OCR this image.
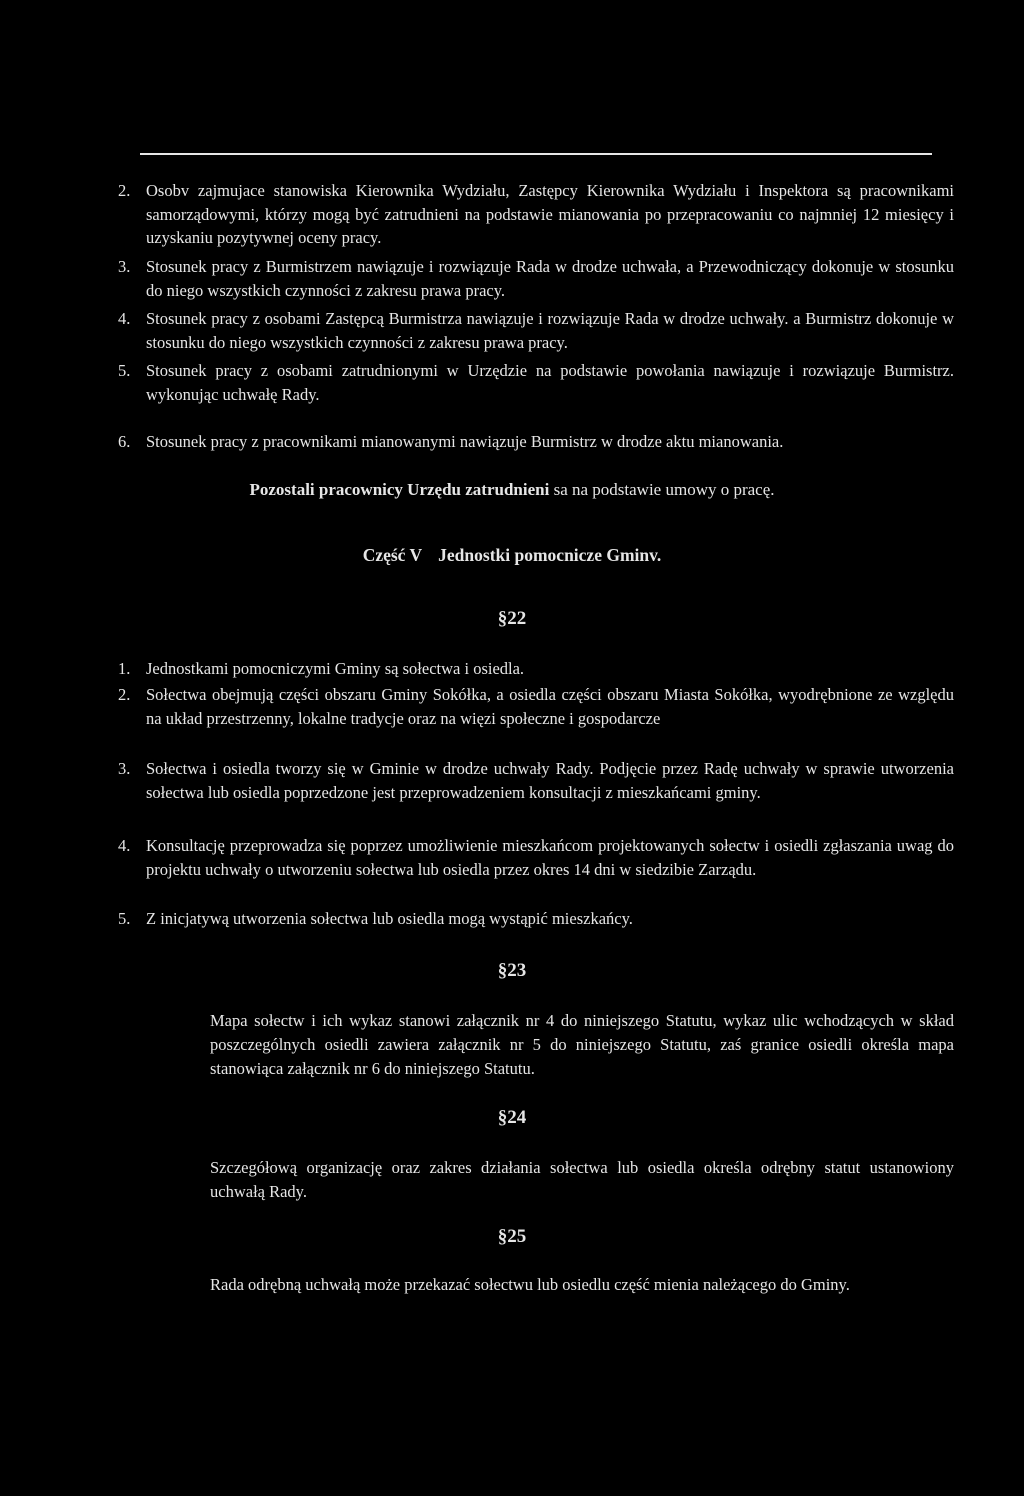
2. Osobv zajmujace stanowiska Kierownika Wydziału, Zastępcy Kierownika Wydziału i Inspektora są pracownikami samorządowymi, którzy mogą być zatrudnieni na podstawie mianowania po przepracowaniu co najmniej 12 miesięcy i uzyskaniu pozytywnej oceny pracy.
3. Stosunek pracy z Burmistrzem nawiązuje i rozwiązuje Rada w drodze uchwała, a Przewodniczący dokonuje w stosunku do niego wszystkich czynności z zakresu prawa pracy.
4. Stosunek pracy z osobami Zastępcą Burmistrza nawiązuje i rozwiązuje Rada w drodze uchwały. a Burmistrz dokonuje w stosunku do niego wszystkich czynności z zakresu prawa pracy.
5. Stosunek pracy z osobami zatrudnionymi w Urzędzie na podstawie powołania nawiązuje i rozwiązuje Burmistrz. wykonując uchwałę Rady.
6. Stosunek pracy z pracownikami mianowanymi nawiązuje Burmistrz w drodze aktu mianowania.
Pozostali pracownicy Urzędu zatrudnieni sa na podstawie umowy o pracę.
Część V Jednostki pomocnicze Gminv.
§22
1. Jednostkami pomocniczymi Gminy są sołectwa i osiedla.
2. Sołectwa obejmują części obszaru Gminy Sokółka, a osiedla części obszaru Miasta Sokółka, wyodrębnione ze względu na układ przestrzenny, lokalne tradycje oraz na więzi społeczne i gospodarcze
3. Sołectwa i osiedla tworzy się w Gminie w drodze uchwały Rady. Podjęcie przez Radę uchwały w sprawie utworzenia sołectwa lub osiedla poprzedzone jest przeprowadzeniem konsultacji z mieszkańcami gminy.
4. Konsultację przeprowadza się poprzez umożliwienie mieszkańcom projektowanych sołectw i osiedli zgłaszania uwag do projektu uchwały o utworzeniu sołectwa lub osiedla przez okres 14 dni w siedzibie Zarządu.
5. Z inicjatywą utworzenia sołectwa lub osiedla mogą wystąpić mieszkańcy.
§23
Mapa sołectw i ich wykaz stanowi załącznik nr 4 do niniejszego Statutu, wykaz ulic wchodzących w skład poszczególnych osiedli zawiera załącznik nr 5 do niniejszego Statutu, zaś granice osiedli określa mapa stanowiąca załącznik nr 6 do niniejszego Statutu.
§24
Szczegółową organizację oraz zakres działania sołectwa lub osiedla określa odrębny statut ustanowiony uchwałą Rady.
§25
Rada odrębną uchwałą może przekazać sołectwu lub osiedlu część mienia należącego do Gminy.
